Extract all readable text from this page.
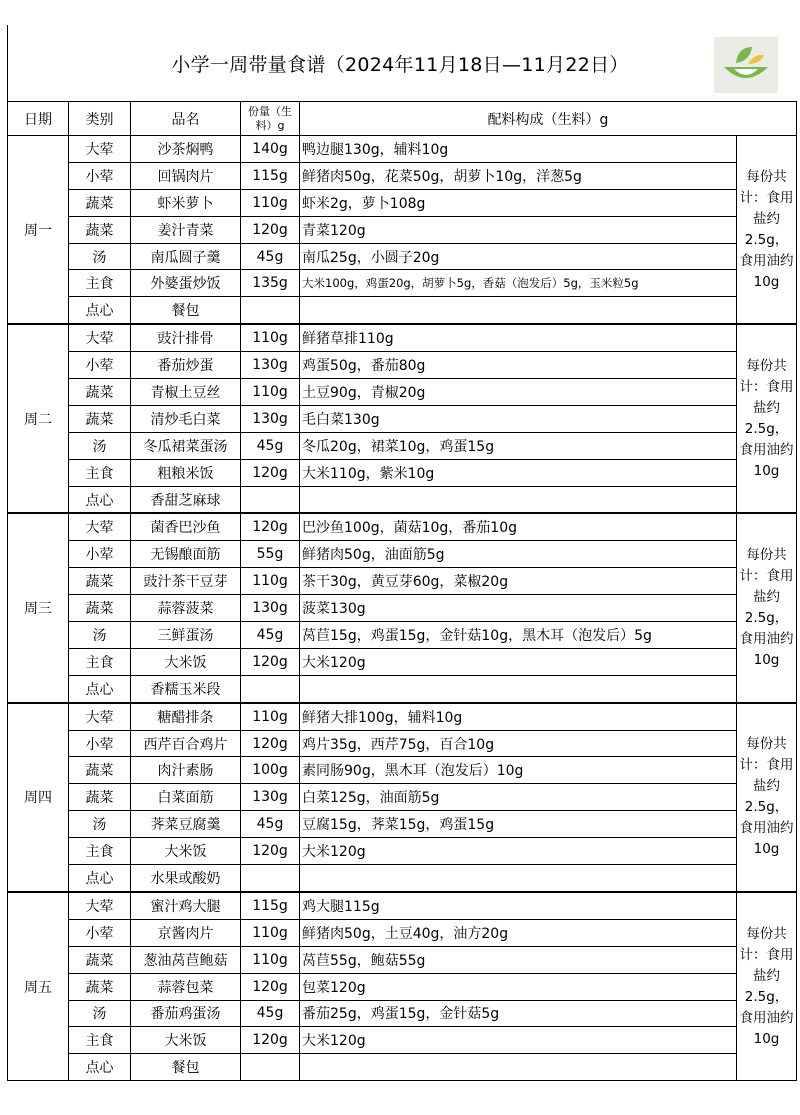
小学一周带量食谱（2024年11月18日—11月22日）
日期	类别	品名	份量（生料）g	配料构成（生料）g	
周一	大荤	沙茶焖鸭	140g	鸭边腿130g，辅料10g	每份共计：食用盐约2.5g，食用油约10g
	小荤	回锅肉片	115g	鲜猪肉50g，花菜50g，胡萝卜10g，洋葱5g	
	蔬菜	虾米萝卜	110g	虾米2g，萝卜108g	
	蔬菜	姜汁青菜	120g	青菜120g	
	汤	南瓜圆子羹	45g	南瓜25g，小圆子20g	
	主食	外婆蛋炒饭	135g	大米100g，鸡蛋20g，胡萝卜5g，香菇（泡发后）5g，玉米粒5g	
	点心	餐包			
周二	大荤	豉汁排骨	110g	鲜猪草排110g	每份共计：食用盐约2.5g，食用油约10g
	小荤	番茄炒蛋	130g	鸡蛋50g，番茄80g	
	蔬菜	青椒土豆丝	110g	土豆90g，青椒20g	
	蔬菜	清炒毛白菜	130g	毛白菜130g	
	汤	冬瓜裙菜蛋汤	45g	冬瓜20g，裙菜10g，鸡蛋15g	
	主食	粗粮米饭	120g	大米110g，紫米10g	
	点心	香甜芝麻球			
周三	大荤	菌香巴沙鱼	120g	巴沙鱼100g，菌菇10g，番茄10g	每份共计：食用盐约2.5g，食用油约10g
	小荤	无锡酿面筋	55g	鲜猪肉50g，油面筋5g	
	蔬菜	豉汁茶干豆芽	110g	茶干30g，黄豆芽60g，菜椒20g	
	蔬菜	蒜蓉菠菜	130g	菠菜130g	
	汤	三鲜蛋汤	45g	莴苣15g，鸡蛋15g，金针菇10g，黑木耳（泡发后）5g	
	主食	大米饭	120g	大米120g	
	点心	香糯玉米段			
周四	大荤	糖醋排条	110g	鲜猪大排100g，辅料10g	每份共计：食用盐约2.5g，食用油约10g
	小荤	西芹百合鸡片	120g	鸡片35g，西芹75g，百合10g	
	蔬菜	肉汁素肠	100g	素同肠90g，黑木耳（泡发后）10g	
	蔬菜	白菜面筋	130g	白菜125g，油面筋5g	
	汤	荠菜豆腐羹	45g	豆腐15g，荠菜15g，鸡蛋15g	
	主食	大米饭	120g	大米120g	
	点心	水果或酸奶			
周五	大荤	蜜汁鸡大腿	115g	鸡大腿115g	每份共计：食用盐约2.5g，食用油约10g
	小荤	京酱肉片	110g	鲜猪肉50g，土豆40g，油方20g	
	蔬菜	葱油莴苣鲍菇	110g	莴苣55g，鲍菇55g	
	蔬菜	蒜蓉包菜	120g	包菜120g	
	汤	番茄鸡蛋汤	45g	番茄25g，鸡蛋15g，金针菇5g	
	主食	大米饭	120g	大米120g	
	点心	餐包			
